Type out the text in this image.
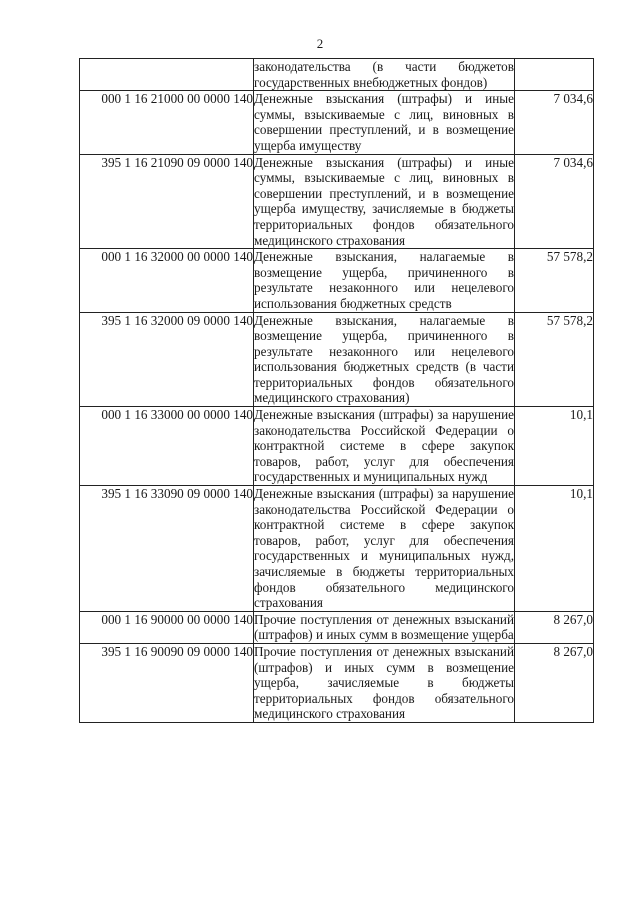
2
	законодательства (в части бюджетов государственных внебюджетных фондов)	
000 1 16 21000 00 0000 140	Денежные взыскания (штрафы) и иные суммы, взыскиваемые с лиц, виновных в совершении преступлений, и в возмещение ущерба имуществу	7 034,6
395 1 16 21090 09 0000 140	Денежные взыскания (штрафы) и иные суммы, взыскиваемые с лиц, виновных в совершении преступлений, и в возмещение ущерба имуществу, зачисляемые в бюджеты территориальных фондов обязательного медицинского страхования	7 034,6
000 1 16 32000 00 0000 140	Денежные взыскания, налагаемые в возмещение ущерба, причиненного в результате незаконного или нецелевого использования бюджетных средств	57 578,2
395 1 16 32000 09 0000 140	Денежные взыскания, налагаемые в возмещение ущерба, причиненного в результате незаконного или нецелевого использования бюджетных средств (в части территориальных фондов обязательного медицинского страхования)	57 578,2
000 1 16 33000 00 0000 140	Денежные взыскания (штрафы) за нарушение законодательства Российской Федерации о контрактной системе в сфере закупок товаров, работ, услуг для обеспечения государственных и муниципальных нужд	10,1
395 1 16 33090 09 0000 140	Денежные взыскания (штрафы) за нарушение законодательства Российской Федерации о контрактной системе в сфере закупок товаров, работ, услуг для обеспечения государственных и муниципальных нужд, зачисляемые в бюджеты территориальных фондов обязательного медицинского страхования	10,1
000 1 16 90000 00 0000 140	Прочие поступления от денежных взысканий (штрафов) и иных сумм в возмещение ущерба	8 267,0
395 1 16 90090 09 0000 140	Прочие поступления от денежных взысканий (штрафов) и иных сумм в возмещение ущерба, зачисляемые в бюджеты территориальных фондов обязательного медицинского страхования	8 267,0
